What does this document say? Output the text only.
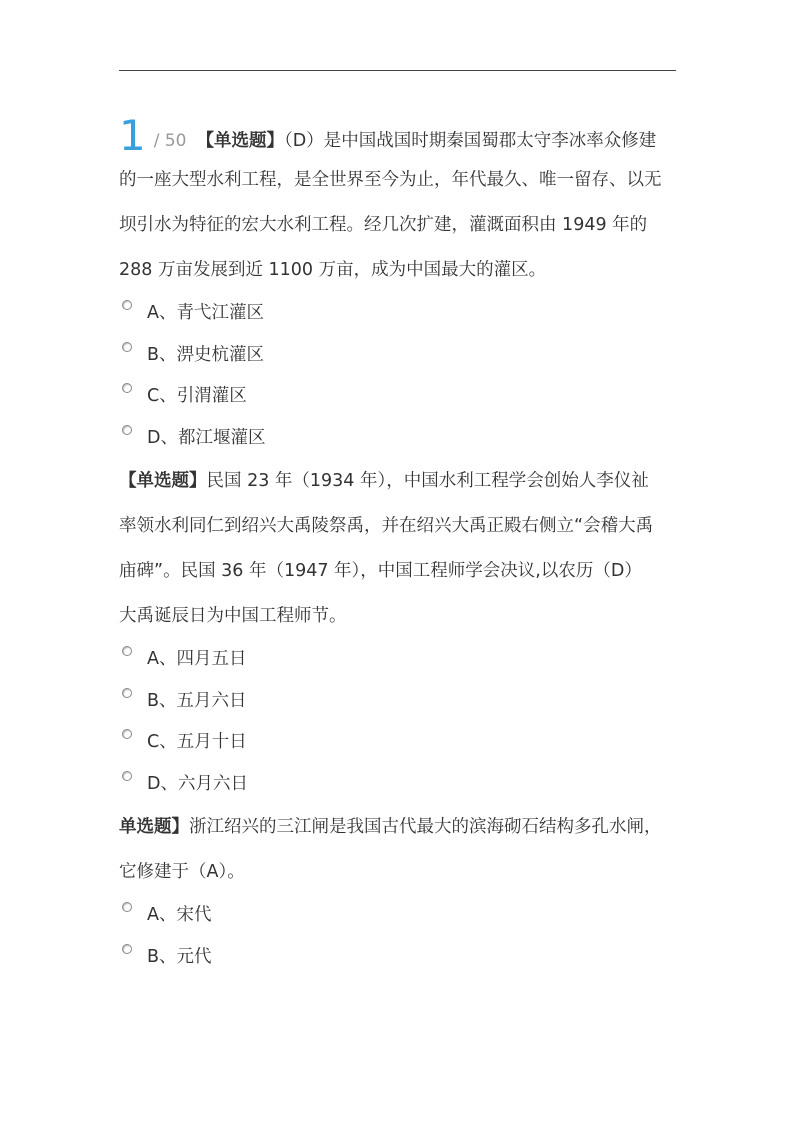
1 / 50 【单选题】（D）是中国战国时期秦国蜀郡太守李冰率众修建
的一座大型水利工程，是全世界至今为止，年代最久、唯一留存、以无
坝引水为特征的宏大水利工程。经几次扩建，灌溉面积由 1949 年的
288 万亩发展到近 1100 万亩，成为中国最大的灌区。
A、青弋江灌区
B、淠史杭灌区
C、引渭灌区
D、都江堰灌区
【单选题】民国 23 年（1934 年），中国水利工程学会创始人李仪祉
率领水利同仁到绍兴大禹陵祭禹，并在绍兴大禹正殿右侧立“会稽大禹
庙碑”。民国 36 年（1947 年），中国工程师学会决议,以农历（D）
大禹诞辰日为中国工程师节。
A、四月五日
B、五月六日
C、五月十日
D、六月六日
单选题】浙江绍兴的三江闸是我国古代最大的滨海砌石结构多孔水闸，
它修建于（A）。
A、宋代
B、元代
